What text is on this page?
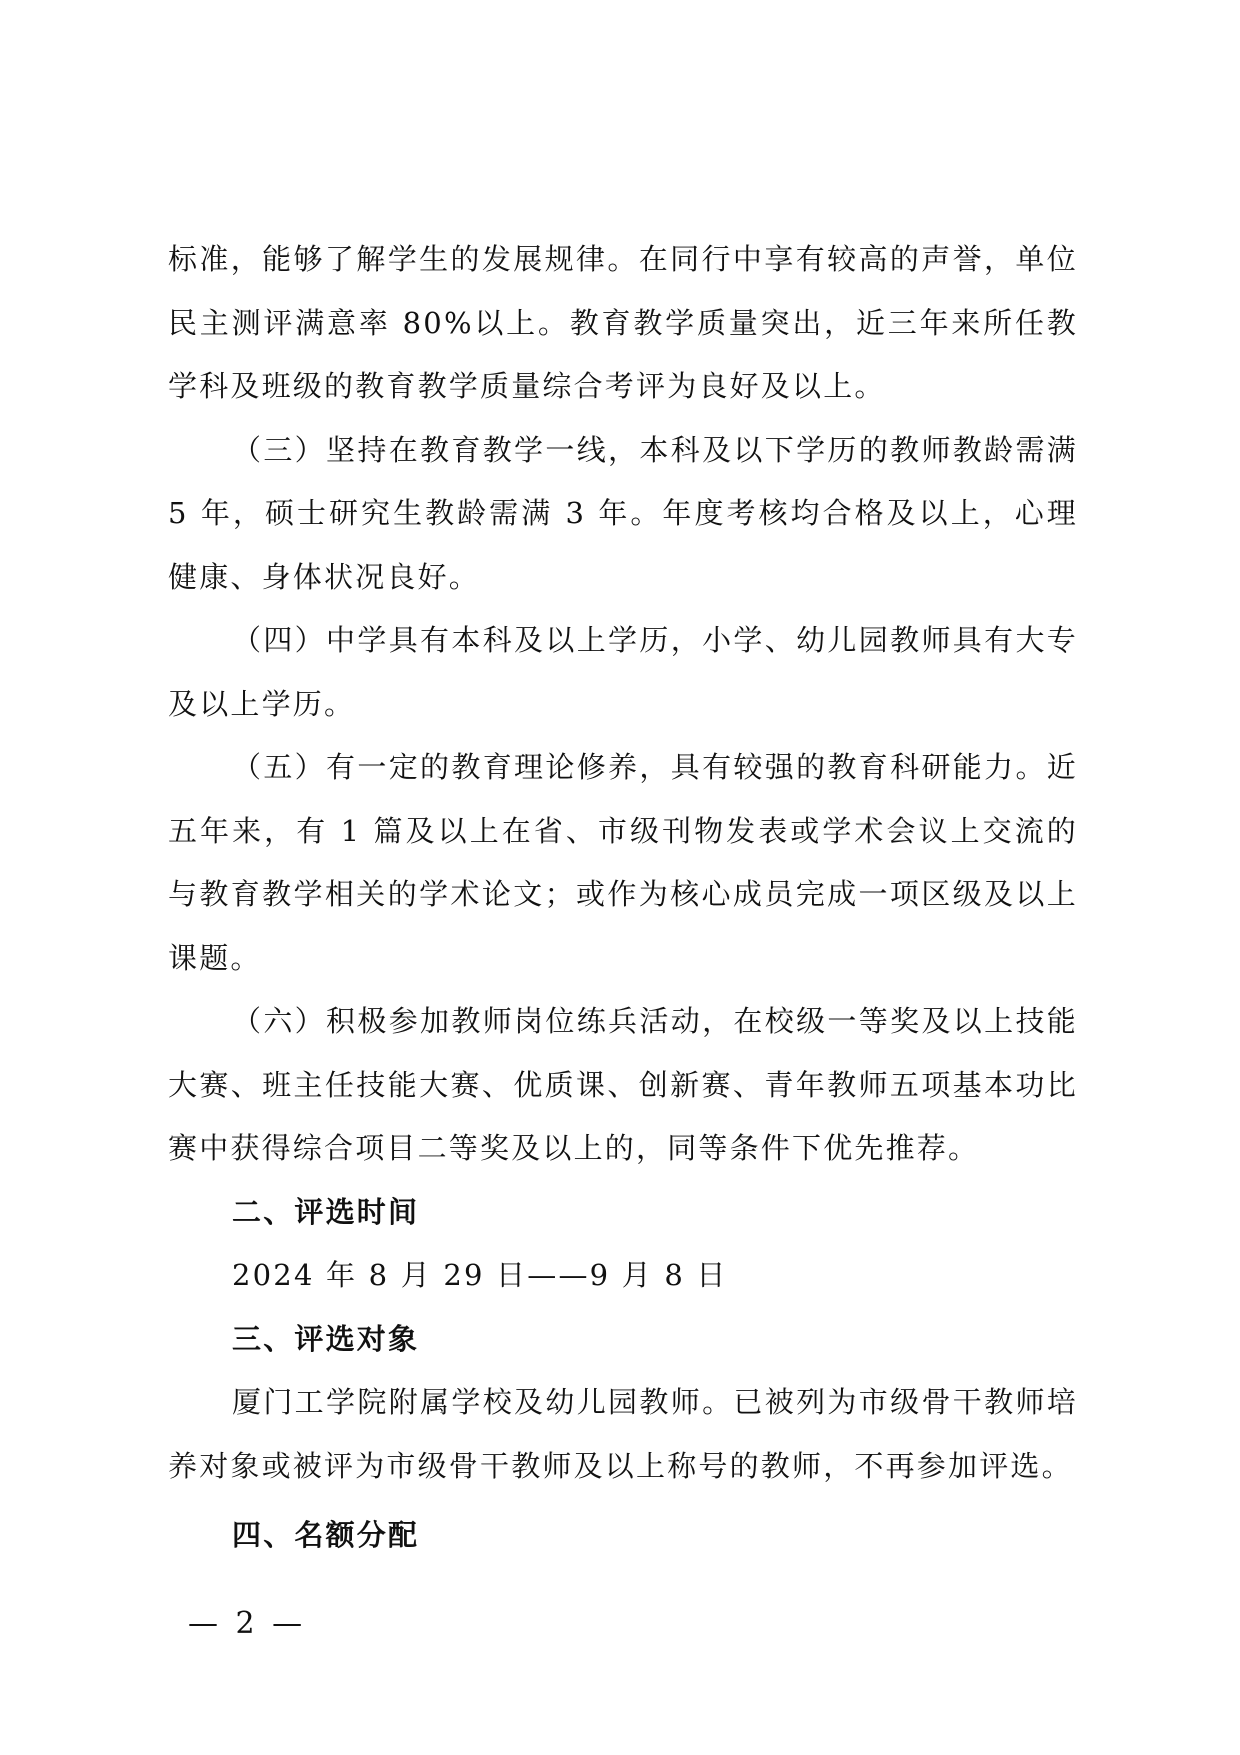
标准，能够了解学生的发展规律。在同行中享有较高的声誉，单位民主测评满意率 80%以上。教育教学质量突出，近三年来所任教学科及班级的教育教学质量综合考评为良好及以上。

（三）坚持在教育教学一线，本科及以下学历的教师教龄需满 5 年，硕士研究生教龄需满 3 年。年度考核均合格及以上，心理健康、身体状况良好。

（四）中学具有本科及以上学历，小学、幼儿园教师具有大专及以上学历。

（五）有一定的教育理论修养，具有较强的教育科研能力。近五年来，有 1 篇及以上在省、市级刊物发表或学术会议上交流的与教育教学相关的学术论文；或作为核心成员完成一项区级及以上课题。

（六）积极参加教师岗位练兵活动，在校级一等奖及以上技能大赛、班主任技能大赛、优质课、创新赛、青年教师五项基本功比赛中获得综合项目二等奖及以上的，同等条件下优先推荐。

二、评选时间

2024 年 8 月 29 日——9 月 8 日

三、评选对象

厦门工学院附属学校及幼儿园教师。已被列为市级骨干教师培养对象或被评为市级骨干教师及以上称号的教师，不再参加评选。

四、名额分配

— 2 —
